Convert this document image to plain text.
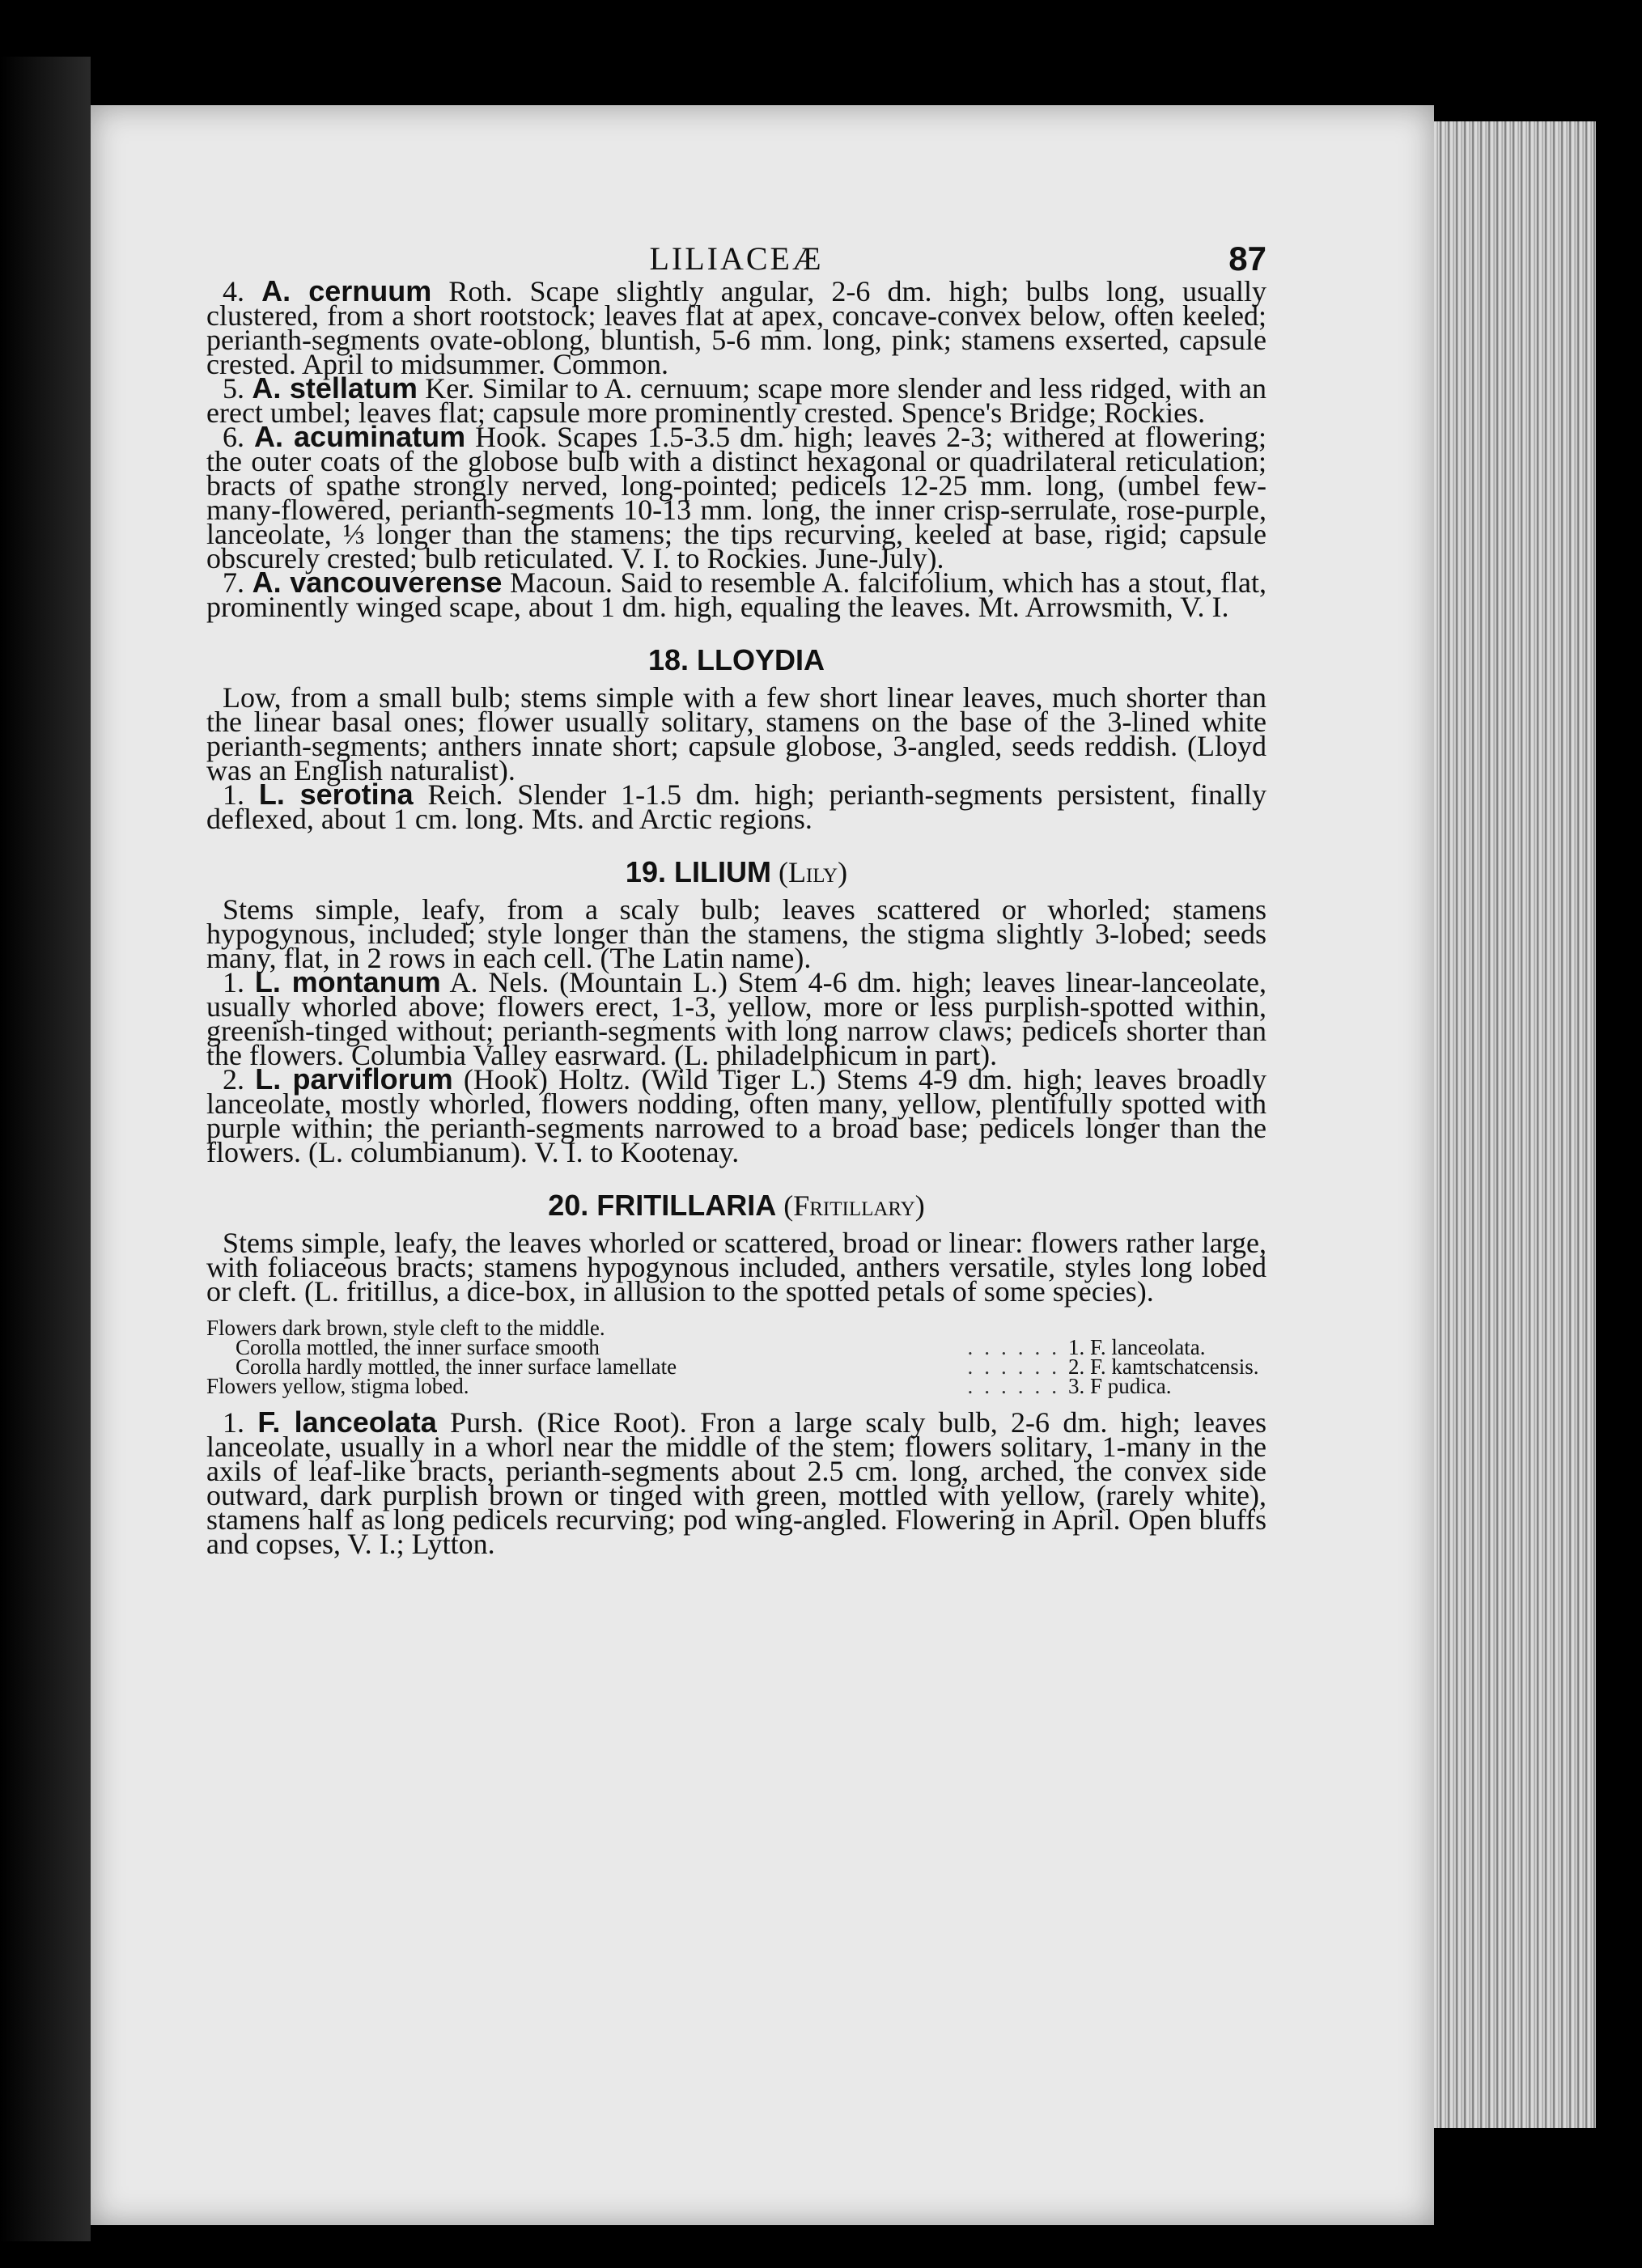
LILIACEÆ	87

4. A. cernuum Roth. Scape slightly angular, 2-6 dm. high; bulbs long, usually clustered, from a short rootstock; leaves flat at apex, concave-convex below, often keeled; perianth-segments ovate-oblong, bluntish, 5-6 mm. long, pink; stamens exserted, capsule crested. April to midsummer. Common.

5. A. stellatum Ker. Similar to A. cernuum; scape more slender and less ridged, with an erect umbel; leaves flat; capsule more prominently crested. Spence's Bridge; Rockies.

6. A. acuminatum Hook. Scapes 1.5-3.5 dm. high; leaves 2-3; withered at flowering; the outer coats of the globose bulb with a distinct hexagonal or quadrilateral reticulation; bracts of spathe strongly nerved, long-pointed; pedicels 12-25 mm. long, (umbel few-many-flowered, perianth-segments 10-13 mm. long, the inner crisp-serrulate, rose-purple, lanceolate, ⅓ longer than the stamens; the tips recurving, keeled at base, rigid; capsule obscurely crested; bulb reticulated. V. I. to Rockies. June-July).

7. A. vancouverense Macoun. Said to resemble A. falcifolium, which has a stout, flat, prominently winged scape, about 1 dm. high, equaling the leaves. Mt. Arrowsmith, V. I.

18. LLOYDIA

Low, from a small bulb; stems simple with a few short linear leaves, much shorter than the linear basal ones; flower usually solitary, stamens on the base of the 3-lined white perianth-segments; anthers innate short; capsule globose, 3-angled, seeds reddish. (Lloyd was an English naturalist).

1. L. serotina Reich. Slender 1-1.5 dm. high; perianth-segments persistent, finally deflexed, about 1 cm. long. Mts. and Arctic regions.

19. LILIUM (Lily)

Stems simple, leafy, from a scaly bulb; leaves scattered or whorled; stamens hypogynous, included; style longer than the stamens, the stigma slightly 3-lobed; seeds many, flat, in 2 rows in each cell. (The Latin name).

1. L. montanum A. Nels. (Mountain L.) Stem 4-6 dm. high; leaves linear-lanceolate, usually whorled above; flowers erect, 1-3, yellow, more or less purplish-spotted within, greenish-tinged without; perianth-segments with long narrow claws; pedicels shorter than the flowers. Columbia Valley easrward. (L. philadelphicum in part).

2. L. parviflorum (Hook) Holtz. (Wild Tiger L.) Stems 4-9 dm. high; leaves broadly lanceolate, mostly whorled, flowers nodding, often many, yellow, plentifully spotted with purple within; the perianth-segments narrowed to a broad base; pedicels longer than the flowers. (L. columbianum). V. I. to Kootenay.

20. FRITILLARIA (Fritillary)

Stems simple, leafy, the leaves whorled or scattered, broad or linear: flowers rather large, with foliaceous bracts; stamens hypogynous included, anthers versatile, styles long lobed or cleft. (L. fritillus, a dice-box, in allusion to the spotted petals of some species).

Flowers dark brown, style cleft to the middle.
Corolla mottled, the inner surface smooth	...... 1. F. lanceolata.
Corolla hardly mottled, the inner surface lamellate	...... 2. F. kamtschatcensis.
Flowers yellow, stigma lobed.	...... 3. F pudica.

1. F. lanceolata Pursh. (Rice Root). Fron a large scaly bulb, 2-6 dm. high; leaves lanceolate, usually in a whorl near the middle of the stem; flowers solitary, 1-many in the axils of leaf-like bracts, perianth-segments about 2.5 cm. long, arched, the convex side outward, dark purplish brown or tinged with green, mottled with yellow, (rarely white), stamens half as long pedicels recurving; pod wing-angled. Flowering in April. Open bluffs and copses, V. I.; Lytton.
